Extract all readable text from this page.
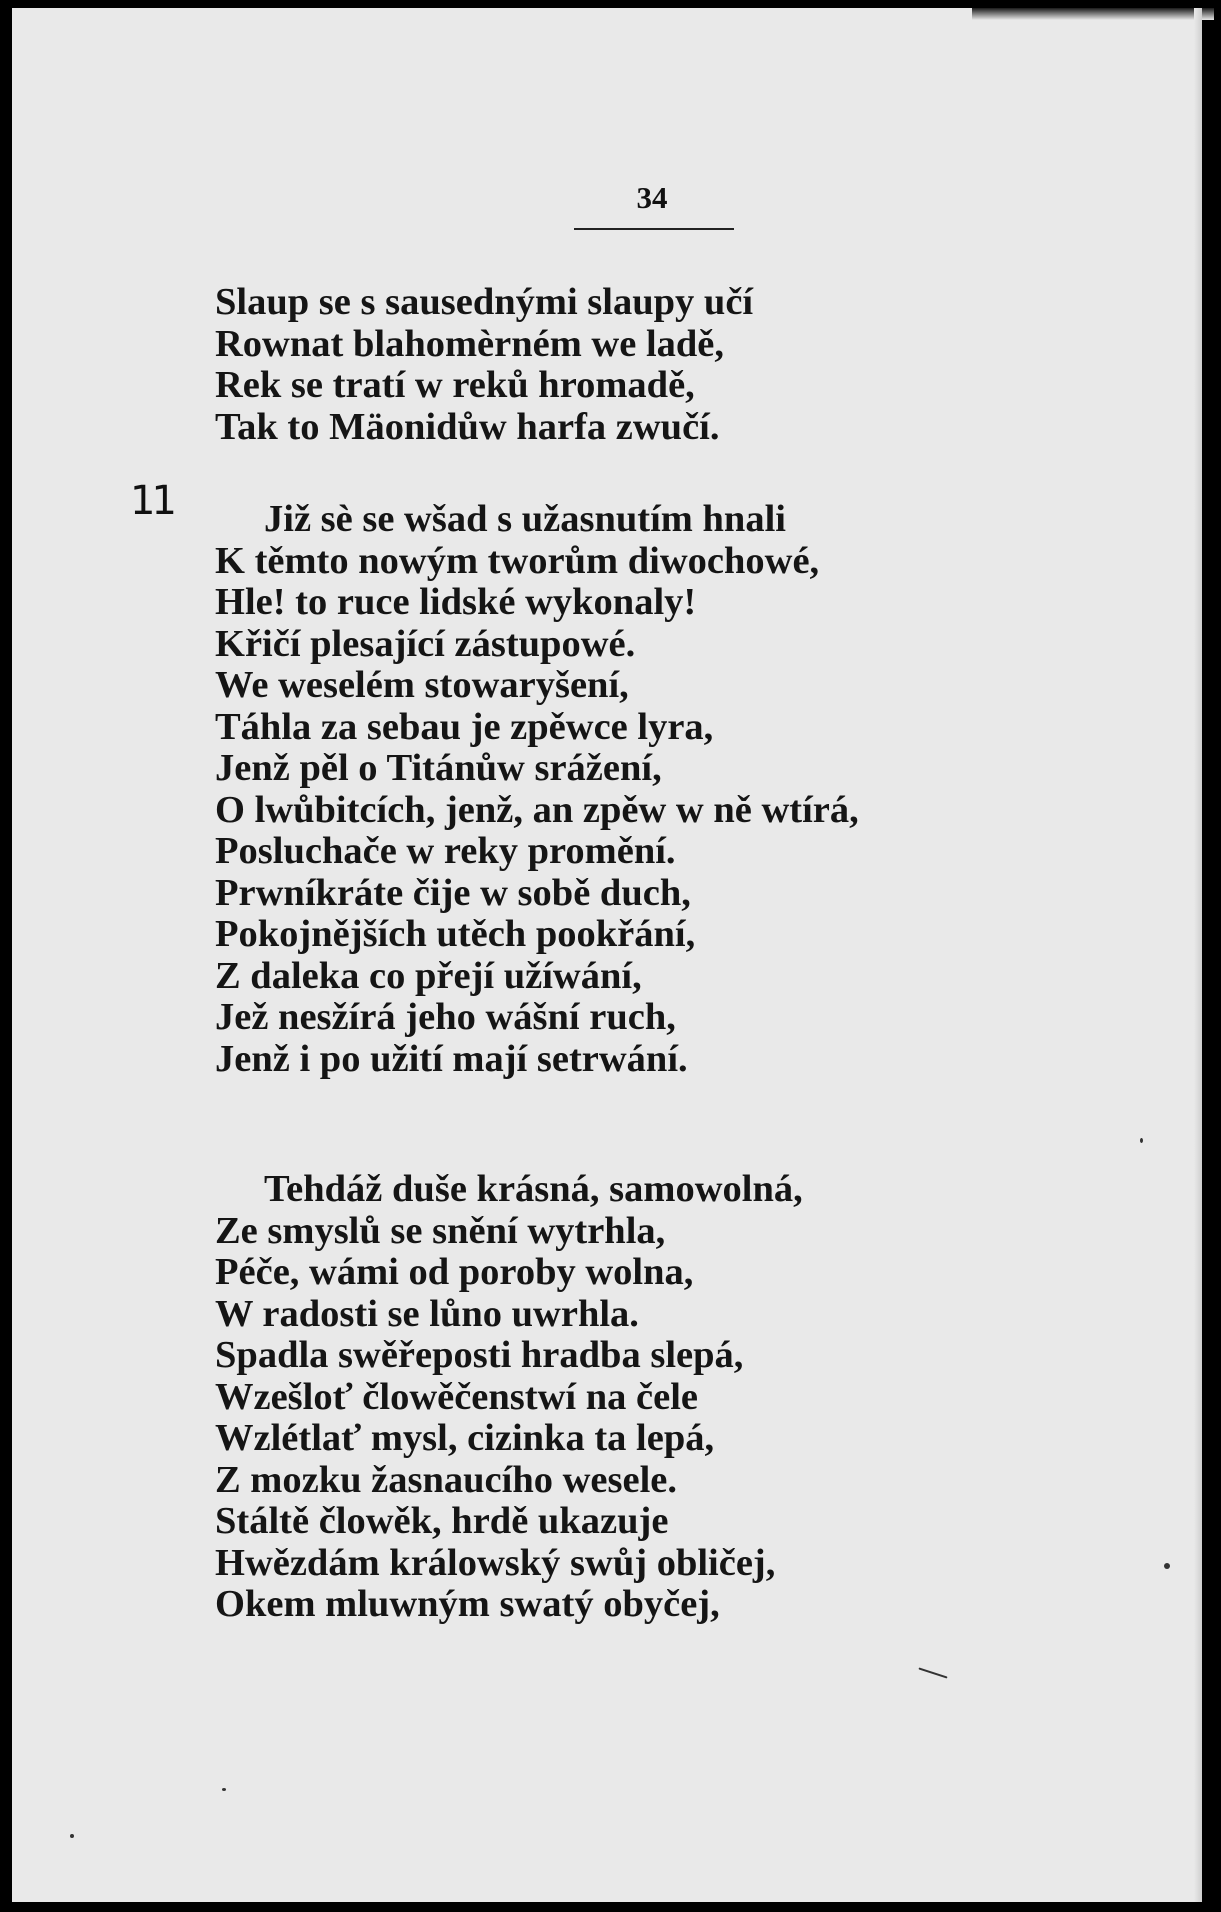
34
11
Slaup se s sausednými slaupy učí
Rownat blahomèrném we ladě,
Rek se tratí w reků hromadě,
Tak to Mäonidůw harfa zwučí.
Již sè se wšad s užasnutím hnali
K těmto nowým tworům diwochowé,
Hle! to ruce lidské wykonaly!
Křičí plesající zástupowé.
We weselém stowaryšení,
Táhla za sebau je zpěwce lyra,
Jenž pěl o Titánůw srážení,
O lwůbitcích, jenž, an zpěw w ně wtírá,
Posluchače w reky promění.
Prwníkráte čije w sobě duch,
Pokojnějších utěch pookřání,
Z daleka co přejí užíwání,
Jež nesžírá jeho wášní ruch,
Jenž i po užití mají setrwání.
Tehdáž duše krásná, samowolná,
Ze smyslů se snění wytrhla,
Péče, wámi od poroby wolna,
W radosti se lůno uwrhla.
Spadla swěřeposti hradba slepá,
Wzešloť člowěčenstwí na čele
Wzlétlať mysl, cizinka ta lepá,
Z mozku žasnaucího wesele.
Stáltě člowěk, hrdě ukazuje
Hwězdám králowský swůj obličej,
Okem mluwným swatý obyčej,
